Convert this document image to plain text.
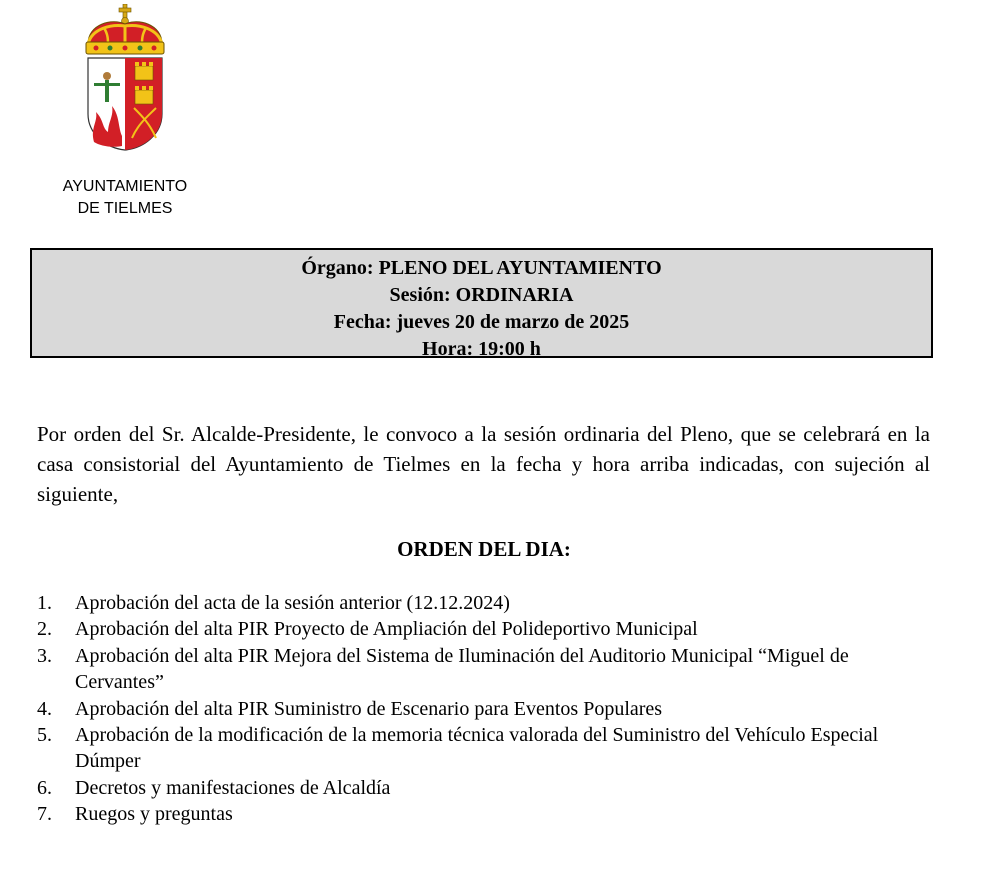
AYUNTAMIENTO
DE TIELMES
Órgano: PLENO DEL AYUNTAMIENTO
Sesión: ORDINARIA
Fecha: jueves 20 de marzo de 2025
Hora: 19:00 h

Por orden del Sr. Alcalde-Presidente, le convoco a la sesión ordinaria del Pleno, que se celebrará en la casa consistorial del Ayuntamiento de Tielmes en la fecha y hora arriba indicadas, con sujeción al siguiente,

ORDEN DEL DIA:
1.	Aprobación del acta de la sesión anterior (12.12.2024)
2.	Aprobación del alta PIR Proyecto de Ampliación del Polideportivo Municipal
3.	Aprobación del alta PIR Mejora del Sistema de Iluminación del Auditorio Municipal “Miguel de Cervantes”
4.	Aprobación del alta PIR Suministro de Escenario para Eventos Populares
5.	Aprobación de la modificación de la memoria técnica valorada del Suministro del Vehículo Especial Dúmper
6.	Decretos y manifestaciones de Alcaldía
7.	Ruegos y preguntas
